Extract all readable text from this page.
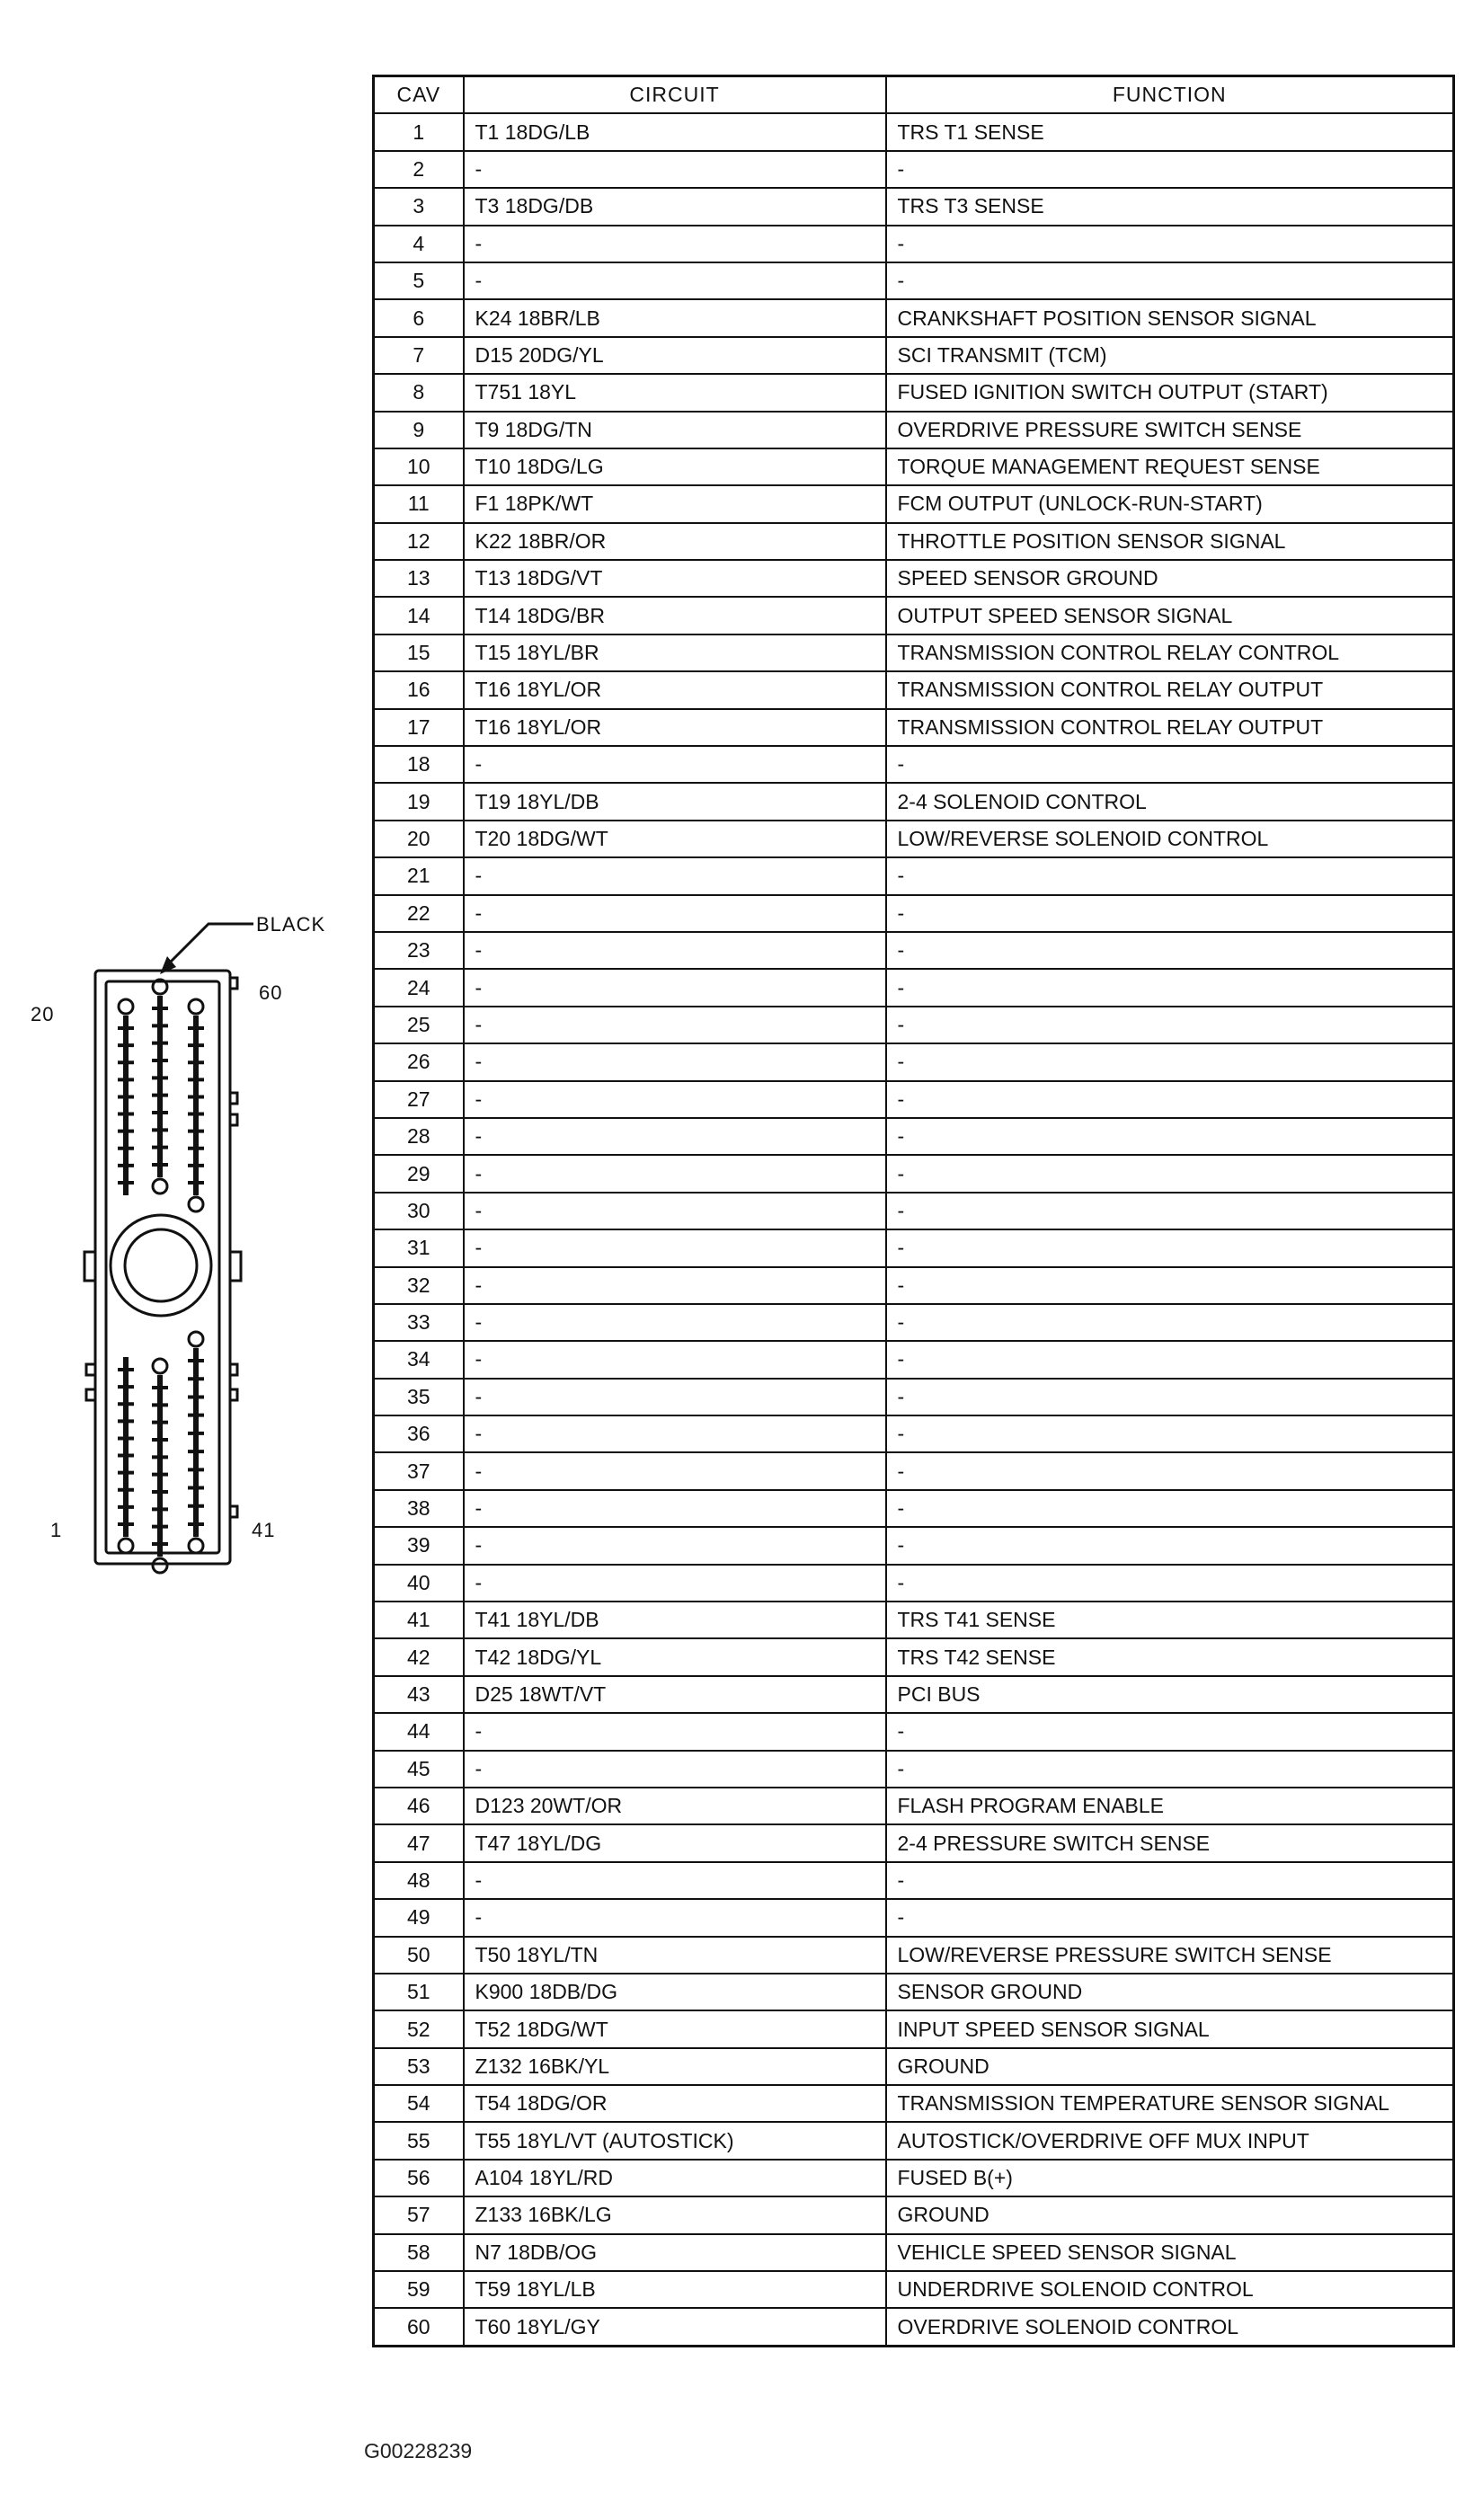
BLACK
20
60
1	41
CAV	CIRCUIT	FUNCTION
1	T1 18DG/LB	TRS T1 SENSE
2	-	-
3	T3 18DG/DB	TRS T3 SENSE
4	-	-
5	-	-
6	K24 18BR/LB	CRANKSHAFT POSITION SENSOR SIGNAL
7	D15 20DG/YL	SCI TRANSMIT (TCM)
8	T751 18YL	FUSED IGNITION SWITCH OUTPUT (START)
9	T9 18DG/TN	OVERDRIVE PRESSURE SWITCH SENSE
10	T10 18DG/LG	TORQUE MANAGEMENT REQUEST SENSE
11	F1 18PK/WT	FCM OUTPUT (UNLOCK-RUN-START)
12	K22 18BR/OR	THROTTLE POSITION SENSOR SIGNAL
13	T13 18DG/VT	SPEED SENSOR GROUND
14	T14 18DG/BR	OUTPUT SPEED SENSOR SIGNAL
15	T15 18YL/BR	TRANSMISSION CONTROL RELAY CONTROL
16	T16 18YL/OR	TRANSMISSION CONTROL RELAY OUTPUT
17	T16 18YL/OR	TRANSMISSION CONTROL RELAY OUTPUT
18	-	-
19	T19 18YL/DB	2-4 SOLENOID CONTROL
20	T20 18DG/WT	LOW/REVERSE SOLENOID CONTROL
21	-	-
22	-	-
23	-	-
24	-	-
25	-	-
26	-	-
27	-	-
28	-	-
29	-	-
30	-	-
31	-	-
32	-	-
33	-	-
34	-	-
35	-	-
36	-	-
37	-	-
38	-	-
39	-	-
40	-	-
41	T41 18YL/DB	TRS T41 SENSE
42	T42 18DG/YL	TRS T42 SENSE
43	D25 18WT/VT	PCI BUS
44	-	-
45	-	-
46	D123 20WT/OR	FLASH PROGRAM ENABLE
47	T47 18YL/DG	2-4 PRESSURE SWITCH SENSE
48	-	-
49	-	-
50	T50 18YL/TN	LOW/REVERSE PRESSURE SWITCH SENSE
51	K900 18DB/DG	SENSOR GROUND
52	T52 18DG/WT	INPUT SPEED SENSOR SIGNAL
53	Z132 16BK/YL	GROUND
54	T54 18DG/OR	TRANSMISSION TEMPERATURE SENSOR SIGNAL
55	T55 18YL/VT (AUTOSTICK)	AUTOSTICK/OVERDRIVE OFF MUX INPUT
56	A104 18YL/RD	FUSED B(+)
57	Z133 16BK/LG	GROUND
58	N7 18DB/OG	VEHICLE SPEED SENSOR SIGNAL
59	T59 18YL/LB	UNDERDRIVE SOLENOID CONTROL
60	T60 18YL/GY	OVERDRIVE SOLENOID CONTROL
G00228239
